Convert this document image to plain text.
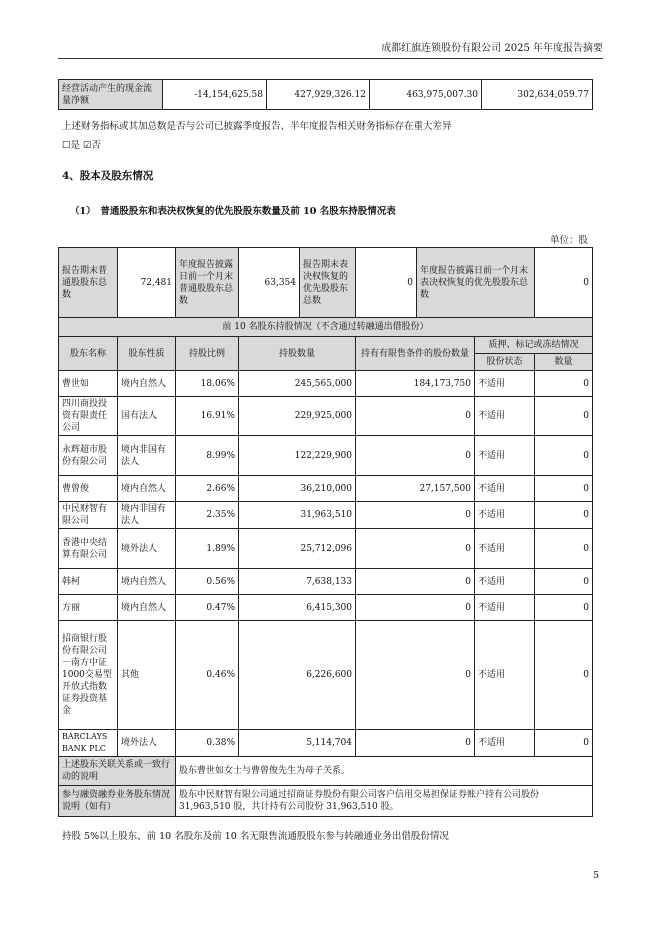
成都红旗连锁股份有限公司 2025 年年度报告摘要
经营活动产生的现金流量净额	-14,154,625.58	427,929,326.12	463,975,007.30	302,634,059.77
上述财务指标或其加总数是否与公司已披露季度报告、半年度报告相关财务指标存在重大差异
☐是 ☑否
4、股本及股东情况
（1）　普通股股东和表决权恢复的优先股股东数量及前 10 名股东持股情况表
单位：股
报告期末普通股股东总数	72,481	年度报告披露日前一个月末普通股股东总数	63,354	报告期末表决权恢复的优先股股东总数	0	年度报告披露日前一个月末表决权恢复的优先股股东总数		0
前 10 名股东持股情况（不含通过转融通出借股份）								
股东名称	股东性质	持股比例	持股数量		持有有限售条件的股份数量		质押、标记或冻结情况	
							股份状态	数量
曹世如	境内自然人	18.06%	245,565,000		184,173,750		不适用	0
四川商投投资有限责任公司	国有法人	16.91%	229,925,000		0		不适用	0
永辉超市股份有限公司	境内非国有法人	8.99%	122,229,900		0		不适用	0
曹曾俊	境内自然人	2.66%	36,210,000		27,157,500		不适用	0
中民财智有限公司	境内非国有法人	2.35%	31,963,510		0		不适用	0
香港中央结算有限公司	境外法人	1.89%	25,712,096		0		不适用	0
韩柯	境内自然人	0.56%	7,638,133		0		不适用	0
方丽	境内自然人	0.47%	6,415,300		0		不适用	0
招商银行股份有限公司－南方中证1000交易型开放式指数证券投资基金	其他	0.46%	6,226,600		0		不适用	0
BARCLAYS BANK PLC	境外法人	0.38%	5,114,704		0		不适用	0
上述股东关联关系或一致行动的说明		股东曹世如女士与曹曾俊先生为母子关系。						
参与融资融券业务股东情况说明（如有）		股东中民财智有限公司通过招商证券股份有限公司客户信用交易担保证券账户持有公司股份 31,963,510 股，共计持有公司股份 31,963,510 股。						
持股 5%以上股东、前 10 名股东及前 10 名无限售流通股股东参与转融通业务出借股份情况
5
